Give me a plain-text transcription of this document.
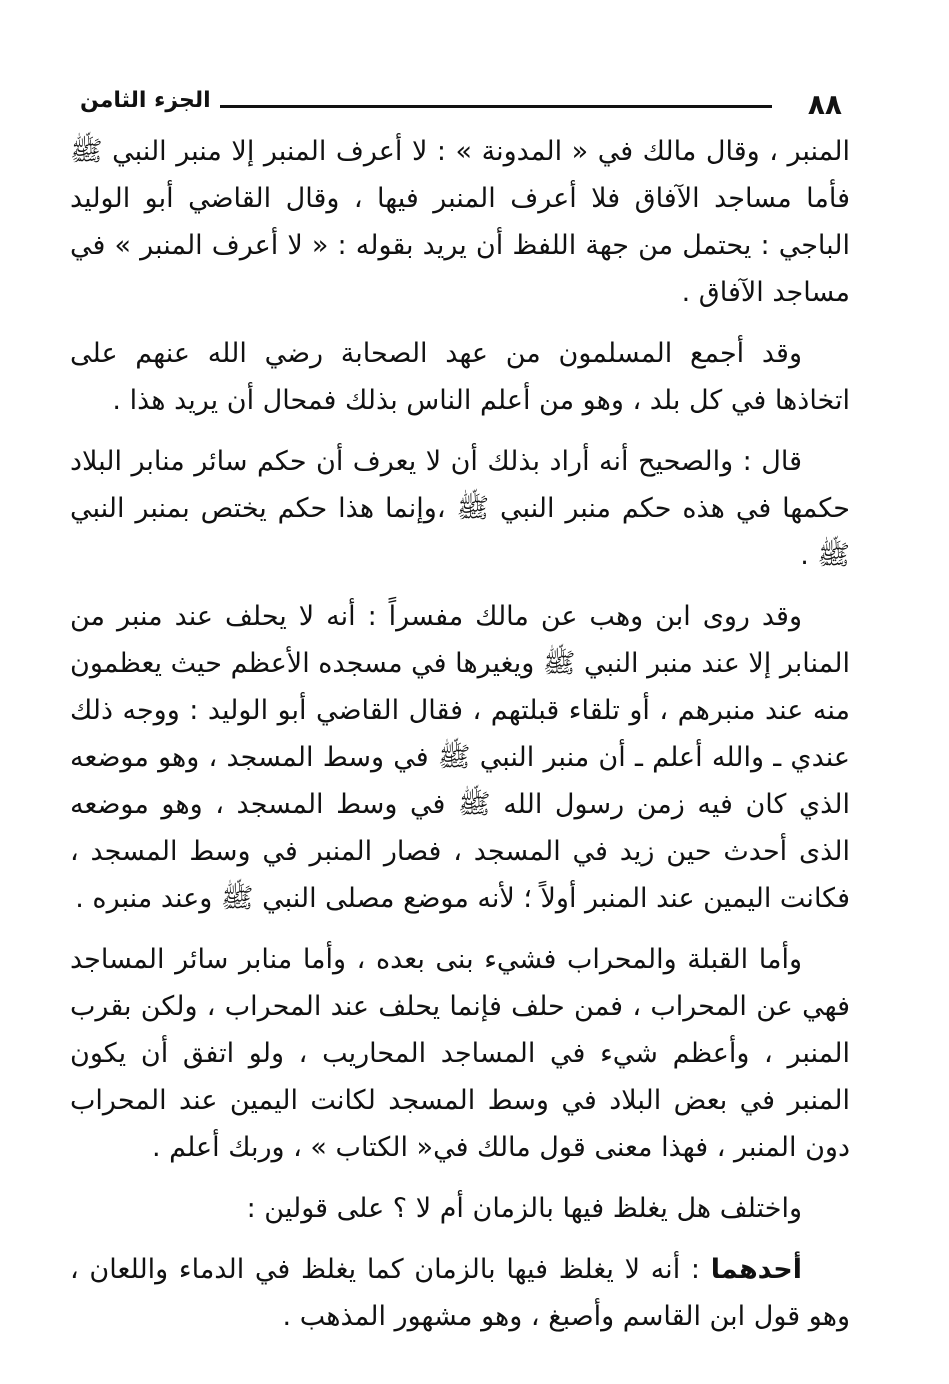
٨٨
الجزء الثامن

المنبر ، وقال مالك في « المدونة » : لا أعرف المنبر إلا منبر النبي ﷺ فأما مساجد الآفاق فلا أعرف المنبر فيها ، وقال القاضي أبو الوليد الباجي : يحتمل من جهة اللفظ أن يريد بقوله : « لا أعرف المنبر » في مساجد الآفاق .

وقد أجمع المسلمون من عهد الصحابة رضي الله عنهم على اتخاذها في كل بلد ، وهو من أعلم الناس بذلك فمحال أن يريد هذا .

قال : والصحيح أنه أراد بذلك أن لا يعرف أن حكم سائر منابر البلاد حكمها في هذه حكم منبر النبي ﷺ ،وإنما هذا حكم يختص بمنبر النبي ﷺ .

وقد روى ابن وهب عن مالك مفسراً : أنه لا يحلف عند منبر من المنابر إلا عند منبر النبي ﷺ ويغيرها في مسجده الأعظم حيث يعظمون منه عند منبرهم ، أو تلقاء قبلتهم ، فقال القاضي أبو الوليد : ووجه ذلك عندي ـ والله أعلم ـ أن منبر النبي ﷺ في وسط المسجد ، وهو موضعه الذي كان فيه زمن رسول الله ﷺ في وسط المسجد ، وهو موضعه الذى أحدث حين زيد في المسجد ، فصار المنبر في وسط المسجد ، فكانت اليمين عند المنبر أولاً ؛ لأنه موضع مصلى النبي ﷺ وعند منبره .

وأما القبلة والمحراب فشيء بنى بعده ، وأما منابر سائر المساجد فهي عن المحراب ، فمن حلف فإنما يحلف عند المحراب ، ولكن بقرب المنبر ، وأعظم شيء في المساجد المحاريب ، ولو اتفق أن يكون المنبر في بعض البلاد في وسط المسجد لكانت اليمين عند المحراب دون المنبر ، فهذا معنى قول مالك في« الكتاب » ، وربك أعلم .

واختلف هل يغلظ فيها بالزمان أم لا ؟ على قولين :

أحدهما : أنه لا يغلظ فيها بالزمان كما يغلظ في الدماء واللعان ، وهو قول ابن القاسم وأصبغ ، وهو مشهور المذهب .
